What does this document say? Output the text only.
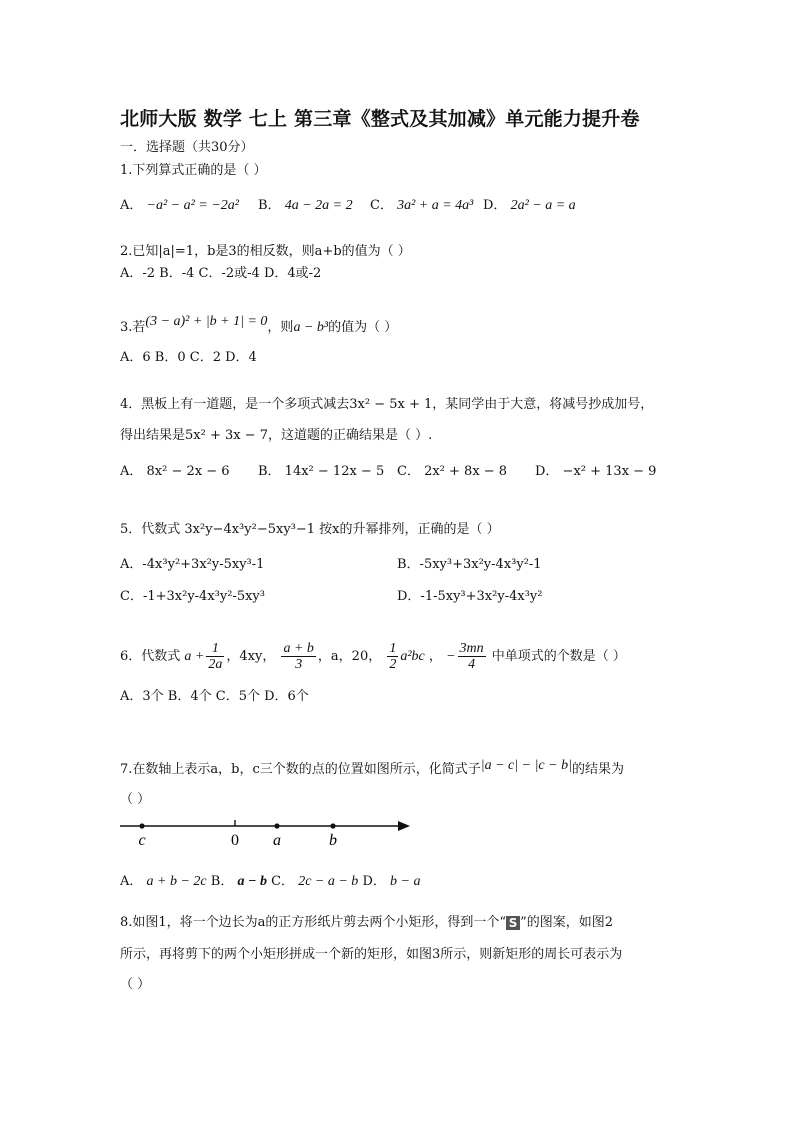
北师大版 数学 七上 第三章《整式及其加减》单元能力提升卷
一．选择题（共30分）
1.下列算式正确的是（ ）
A． −a² − a² = −2a² B． 4a − 2a = 2 C． 3a² + a = 4a³ D． 2a² − a = a
2.已知|a|=1，b是3的相反数，则a+b的值为（ ）
A．-2 B．-4 C．-2或-4 D．4或-2
3.若(3 − a)² + |b + 1| = 0，则a − b³的值为（ ）
A．6 B．0 C．2 D．4
4．黑板上有一道题，是一个多项式减去3x² − 5x + 1，某同学由于大意，将减号抄成加号，
得出结果是5x² + 3x − 7，这道题的正确结果是（ ）.
A． 8x² − 2x − 6 B． 14x² − 12x − 5 C． 2x² + 8x − 8 D． −x² + 13x − 9
5．代数式 3x²y−4x³y²−5xy³−1 按x的升幂排列，正确的是（ ）
A．-4x³y²+3x²y-5xy³-1	B．-5xy³+3x²y-4x³y²-1
C．-1+3x²y-4x³y²-5xy³	D．-1-5xy³+3x²y-4x³y²
6．代数式 $a + \frac{1}{2a}$ ，4xy， $\frac{a + b}{3}$ ，a，20， $\frac{1}{2} a^2bc$ ， − $\frac{3mn}{4}$ 中单项式的个数是（ ）
A．3个 B．4个 C．5个 D．6个
7.在数轴上表示a，b，c三个数的点的位置如图所示，化简式子|a − c| − |c − b|的结果为
（ ）
c	0 a	b
A． a + b − 2c B． a − b C． 2c − a − b D． b − a
8.如图1，将一个边长为a的正方形纸片剪去两个小矩形，得到一个“ S ”的图案，如图2
所示，再将剪下的两个小矩形拼成一个新的矩形，如图3所示，则新矩形的周长可表示为
（ ）
